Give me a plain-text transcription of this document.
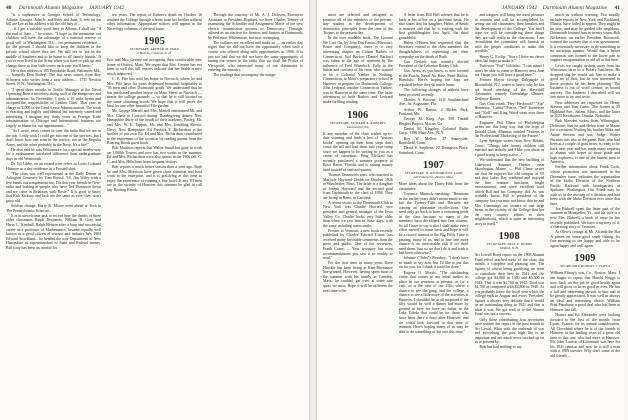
40 Dartmouth Alumni Magazine JANUARY 1942

"is a sophomore at Georgia School of Technology, Atlanta, Georgia. John Jr. and Peter and Jane, 3, wee on the hill are Lee as his address with the old lady of...

...if I get a suitable word here in Atlanta, I shall say "if the end of June...." he writes. "I hope in the meantime our children will have the advantage of a national reserve of good will at Washington, D.C., for permanent residence.... for the present I should like to keep the children in the private school where they are. We still see to 'put in the middle of Southern and to be home to all' family friends.' If you've ever lived in the Army when you have to pick up and change three or four little towns each year you'll know."

He is that address is 105 Brookside Road, Baltimore Md., — formerly Don Bailey'. The last news comes from Roy Schwartz who writes from a new address.... 1735 Newton Street, N.W., Washington, D.C.

"I spent three months in Traffic Manager at the Naval Operating Base a secretary, doing stuff at the manpower and administration. In November, I took a 10 mile hymn and accepted the responsibility of Leather Chief. That year, in charge of 2,000 in the Lend-Lease Administration. The work is exacting and highly confidential but intensely varied and interesting. I imagine any thirty years in Foreign Trade administration of Chicago and International business too largely to blame for our appointment...."

"As I write, news comes in over the radio that we are in the war. I only wish I could get into one of the services, but I don't know how one wins in the service, nor in the Regular Army, and the other probably in the Navy. It's a life!"

He also said he was Whittemore for a special nearby-way for a midsummer unrelated difference than undergraduate days in old Wentworth.

Dr. Ed Libby, on an errand over refers to Louis Coleand Hitmore as a day residence in a Frosted shirt.

"The class was well represented at the Dally Dinner at Arlington Cemetery by Tom Bristol, '18, Jim Wiley with a few hands out complement too. Dis this year friends in New-radio and leaking at people who have Ted Dinsmore down and we came in Relations with Rosie." It is good to know that Kirk Kirksay and Jack are the same as ever, they won't grow old.

Seldom change: Harry R. Moore went ahead at Tech in The Pennsylvania. Scherrer...

It is in unwelcome task to record here the deaths of three older classmates Ralph Benjamin, William H. Gray and Harry L. Kimball. Ralph Benton after a long and successful career as a professor of Mathematics, became equally well known as a good citizen of science and industry he's 1904 Edward Strickland... he headed the way Department of New Hampshire as superintendent of State and Federal money. Bill Gray has been an invalid for

ten years. The report of Kittner's death on October 16 reached the College through a letter from his brother without other information. Appropriate notices will appear in the Necrology columns of the next issue.

1905
SECRETARY, ARTHUR M. HALE
2 Holt St., Concord, N. H.

Eric and Mrs. Greene are occupying their comfortable new home at Oxford, Mass. We regret that Mrs. Greene has not been so well this fall, reports indicate that her health is now much improved.

C. E. Fife has sold his home in Norwich, where he and Mrs. Fife have for years dispensed bountiful hospitality to '05 men and other Dartmouth grads. We understand that he has purchased another house on Main Street in Norwich — nearer the college grounds — so that he is still located on the same charming brook. We hope that it will prove the land for one other beautiful Fife garden.

Mr. George Martell and Mrs. Martell entertained Mr. and Mrs. Chase in Concord during Thanksgiving dinner. New Hampshire thirty of the heads of their academy, Pauley, Mr. and Mrs. W. E. Tappan, Mr. and Mrs. Goulding Brown, Derry, New Hampshire. Ed Fredrick E. Richardson is the brother of our own Ed. Ed and Mrs. Richardson contributed to the enjoyment of the occasion by reading poems from the Roaring Brook guest book.

Bob Mattison reports that Walter Small has gone to work on 1,000th Towers and now has two works in the summer. Ed and Mrs. Richardson were also quests in the 1906 fall. C. C. and Mrs. Hills have been frequent visitors.

Bob reports a much better season than a year ago. Both he and Mrs. Morrison have given close attention and hard work to the enterprise, and it is gratifying at this time to enjoy the experience of running a fine hotel. If any '05 men are in the vicinity of Hanover this summer be glad to call any Roaring Brook.

Through the courtesy of Mr. A. J. Dickson, Executive Assistant to President Hopkins, we have Charles Tenney of examining the Schindler and Assignment Marie of the new electric transmission process of Democracy. Through, offered as an elective for Seniors and Juniors at Dartmouth, by Professor Whittemore, but now revamping.

The outlines are excellent and make us — an earlier day regret that we did not have the opportunity when such a course was offered along with opportunities in 1906. It is just too bad that we did not have the same opportunity of tuning our senses to the radio that we shall the Profor of Viewpoint, who interested many of our classmates to entering the ministry.

The readings that accompany the assign-

JANUARY 1942 Dartmouth Alumni Magazine 41

ment are selected and designed to promote all of the members of the present-day student in the development of democratic principles from the time of the Trojans to the present day.

In the ever readable book, The Ground We Live On, by John Dos Passos (Harcourt, Brace and Company), there is a very interesting chapter on Citizen Barlow of Connecticut. Joel Barlow (Daniel Barlow) was taken at the age of nineteen by the influence of Fred Wheelock. Fully in the habits and customs of his time, who wanted to be a Colonial Yankee in Nothing, Connecticut, in Moor's preparatory school in Hanover to prepare for Dartmouth College. John Ledyard, another Connecticut Yankee, was in Hanover at the same time. The latter adventures of both Barlow and Ledyard make thrilling reading.

1906
SECRETARY, EDWARD A. ROBERTS
Dartmouth Club

If any member of the class wishes up-to-date warning and finds a box of "serious books" opening up their front steps don't come the tell and lead them into your camp since we happen to be writing to you as a cause of consensus. Peng McGrail has recently purchased a summer property at Boca Raton, Florida and is raising money fund instead of seafood quarter.

Thomas Dennison's sons, who married to Marjorie Hayward Dodds on October 1926 at Winchester, Mass. The bride is a daughter of Joseph Hayward and the second grad from Dartmouth in the class of 1938. They are living in Reno, in Carolina.

A recent visitor to the Dartmouth Club in New York was Charlie Howard, vice president and general manager of the Iowa Valley Co. Charlie looks very little older than when we saw him in those days, with the same unfailing warm smile.

Prosser to Vermont, a new book recently published by Charles Edward Crane, has received many favorable comments from the press and public. One of the reviewers, Frank Crane, ... Your secretary has even recommendations you saw it so readily to read."

For the first time in many years Dave Hinckle has been living at Kent-Hermanze Inn-granted. However, having spent most of the summer with his family in Camden, Mass., he couldn't get over at some rate spots we miss. Hope it will be different the next time to be.

A letter from Bill Bell advises that he is back at his office on a part-time basis. He also states that his daughter, Helen, at Smith is married and that he is visiting with his first granddaughter last April, the third grandchild.

Helen O'Brien has requested that the Secretary extend to the class members the thoughtfulness of expressing her their sympathy on the death of Ruth.

Gus Gerlach was recently elected President of the Lebanon Rotary Club.

Gus Ayres, as you know, is now located at the Pacific Naval Air Base, Pearl Harbor, Honolulu. Here's hoping the Japs are repulsed before they do much harm.

The following changes of address have been received recently.

Charles A. Browne, 1411 Southeasland Ave., St. Augustine, Fla.

Arthur W. Barton, 2 Ricker Park, Portland, Me.

George M. King, Apt. 568 Tindall Heights Project, Macon, Ga.

Daniel M. Kingsley, Colonial Radio Corp., 1280 Main Ave., N. Y.

Roy W. Mellon, 37 Sunnyside, Rentsfield, Conn.

David S. Stephens, 22 Thompson Place, Stamford, Conn.

1907
SECRETARY, H. RICHARDSON LANE
140 Federal St., Boston, Mass.

More ideas about the Thirty-Fifth from the classmates:

Torrance Mintock speaking: "Reunions in the earlier years didn't mean much to me, but the Twenty-Fifth and Thirtieth are coming on pleasanter recollections. One need only go back to have a reasoning pride in the class because so many of the members have developed into fine citizens. So all I have to say is that I shall make every effort myself to come back and hope it will be a record turnout at the Big Fifth. Time is passing, many of us, and to lose one more chance is an inexcusable risk if we don't need them. Just so we don't do it and wish it had been otherwise."

Johnnie ("Tubs") Weasboy: "I don't have so much to say now, but I'd like to put this on for you, for I think it could be done."

Eugene O. Morris: "The outstanding virtue that comes to my mind makes its place in our reunions at present, as for a visit, as is the case of our 25th, where a chance to see the gang, and the college, a chance to see a little more of the activities at Hanover. I shouldn't be at all surprised if the fifty would be well a dinner but more by ground in here we have no father in the Lake Toledo that could be for those who have been there a feast after Hanover, and we could look forward to that time of reunion. Here's hoping many of us may be able to do something of the sort this time."

and tongues will bring the most pleasure in reunion and will be accomplished by seeing our old classmates, their families and the development of the College. You and I hope we will be considering these things they are still really in the classroom. I am reconfident the committee will furnish us with the proper conditions to make this possible."

Henry G. Ecclip: "Sorry I have no clever ideas but hope to make it."

Professor "Fod" Gilchrist: "I can admit I won't be able to come to Hanover next June but I hope you will have a good time."

Former Mayor George Dalrymple of Bloomfield, N.J. wants to know why he has not heard anything of the Haverhill classmates, namely Greenhalge Chimes, Deffense Barnes.

Guy Coal voted: "Hey! Hesbrook!" "Sip" Hennessy, "Cubby" Pierce, "Ted" Tennessee and "Noll" and King Wood went over there to Hanover.

Engineer Phil Chase of Philadelphia writes me this long way that the trips of Donald Clark Albemus entitled "Fattens in the Professional Marketing of the Future."

Lyon Sprague writes from New Britain, Conn.: "Things take twenty children still married and nobody and I like you about as a good trying to keep active..."

We understand that the new building of Lakewood Summer Theater near Skowhegan, Maine, — Phil Chase writes me that he enjoyed the old campus at '05 and that Lubet Day weekend and enjoyed the fine reunion luncheon, bright entertainment, and were excellent food which Bill and his Company did. As you probably know, Bill is president of the company but you may not know that he and Mrs. Cummings are owners of one large farms in the vicinity of the College that has the very country affairs to their neighborhood, which is quite an interesting story in itself."

1908
SECRETARY, PAUL P. BURNS
Milford, N. H.

Art Lewall Bond report on the 1908 Alumni Fund effort reached most of the class this month, a complete and pleasing one. The figures of course being gratifying we went to contribute their best in 1941 and the college got $4,800 in 1940 and $5,500 in 1941. That it was $4,700 in 1942. Total was $4,760 as compared with $4,800 in 1940. As you probably know the fiscal year which the college ends in August and every 'President' figures it always very definite that it would be an outstanding thing in 1941 and that is what it was. We got well in to the Alumni Fund was not a success.

Only those contributing four secretaries have written the report in the past month in Art Lewal. What with the outbreak of war and everything the past high life is an important and not much news stocked up on us at present by...

Bob has had nothing to say.

much as without warning. You usually include reports in New York and Rockland, Illinois, have failed to appear. They ought to be sore, and may be guided like neighbors. Dartmouth learned him in twenty years. Bob Nickerson, an earlier President Roosevelt, warned the country that it was government. It is essentially necessary to do something in no uncertain manner. Would that a better consensus was formed to the lower part to support reorganization to aid all at this time.

Lewis we caught rushing away from his Wisconsin farm to a Rotary luncheon. He dropped that he would ask him to make a good set of that, but he was interested in those projects he has been planning. The business is out of vivid contact, as bound anyway. The business I described will set one more to try and write.

New addresses are requested for Henry Stevens and Tom Carter. The former at 59 Highland Ave., Salem, Mass., and the latter at 3523 Hawthorne, Omaha, Nebraska.

Bob Marsden writes from Wilmington, Delaware, that he and Helen went to Maine for a vacation. Visiting his brother Mike and Annie Stevens and son, Judge, Walter Furmon was also at the game. Bob, who had been at a couple of grad news, is ready to be back next year and has made many requests of alumni with hopes of more grade and high explorers, is one of the busiest men in America.

Further information about Frank Cook, whose promotion was announced in the December issue, indicates the organization of the Idaho Division of the Northern Pacific Railroad with headquarters at Spokane, Washington. Our Frank may be with us in the moving of a division and had been with the Idaho Division ever since that time.

Joe Bidwell spent the latter part of the summer in Montpelier, Vt., and his wife is a new Mrs. Bidwell, a book of verse he has recently published. We have a mystery of it, a charming story of Vermont.

At Olive's cottage at Mt. Alcinda the Bar A pieces on some good smelt fishing. Its fine meeting to see happy and able to be again happy and well again.

1909
SECRETARY, ROBERT J. HAYES

William Fibray's son, Co., Boston, Mass. I am happy to report that Harold Briggs is now back on the job in good health again and will grow to be as good as ever. He has a full and interesting pursuit to him and to be greatly appreciated. It was well as always an ideal and interesting choice. William Fred Pettebone a good deal who has been at Hanover last fall.

Homer and Ed Alexander were looking forward to the first of the month, from Lyons, France, for its annual consideration. All Cleveland where he is of the friends to Hanover in the leading years of a great old time to this one, who had more at Hanover. Mr. John Lawton of Cincinnati was here for his 1941 reunion and now he is still a man with a 1909 sweater. Why don't some of the old friends ...
